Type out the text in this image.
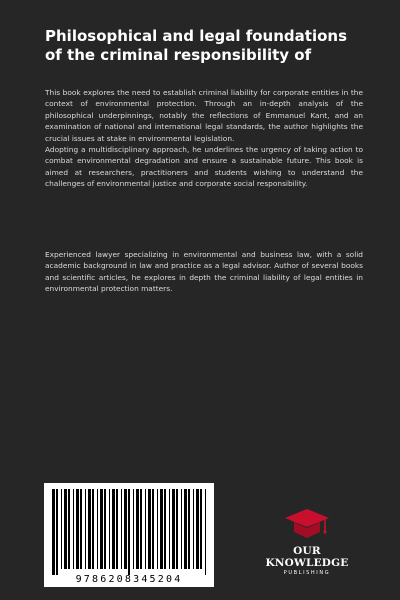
Philosophical and legal foundations of the criminal responsibility of

This book explores the need to establish criminal liability for corporate entities in the context of environmental protection. Through an in-depth analysis of the philosophical underpinnings, notably the reflections of Emmanuel Kant, and an examination of national and international legal standards, the author highlights the crucial issues at stake in environmental legislation.

Adopting a multidisciplinary approach, he underlines the urgency of taking action to combat environmental degradation and ensure a sustainable future. This book is aimed at researchers, practitioners and students wishing to understand the challenges of environmental justice and corporate social responsibility.

Experienced lawyer specializing in environmental and business law, with a solid academic background in law and practice as a legal advisor. Author of several books and scientific articles, he explores in depth the criminal liability of legal entities in environmental protection matters.

9786208345204
OUR KNOWLEDGE
PUBLISHING
